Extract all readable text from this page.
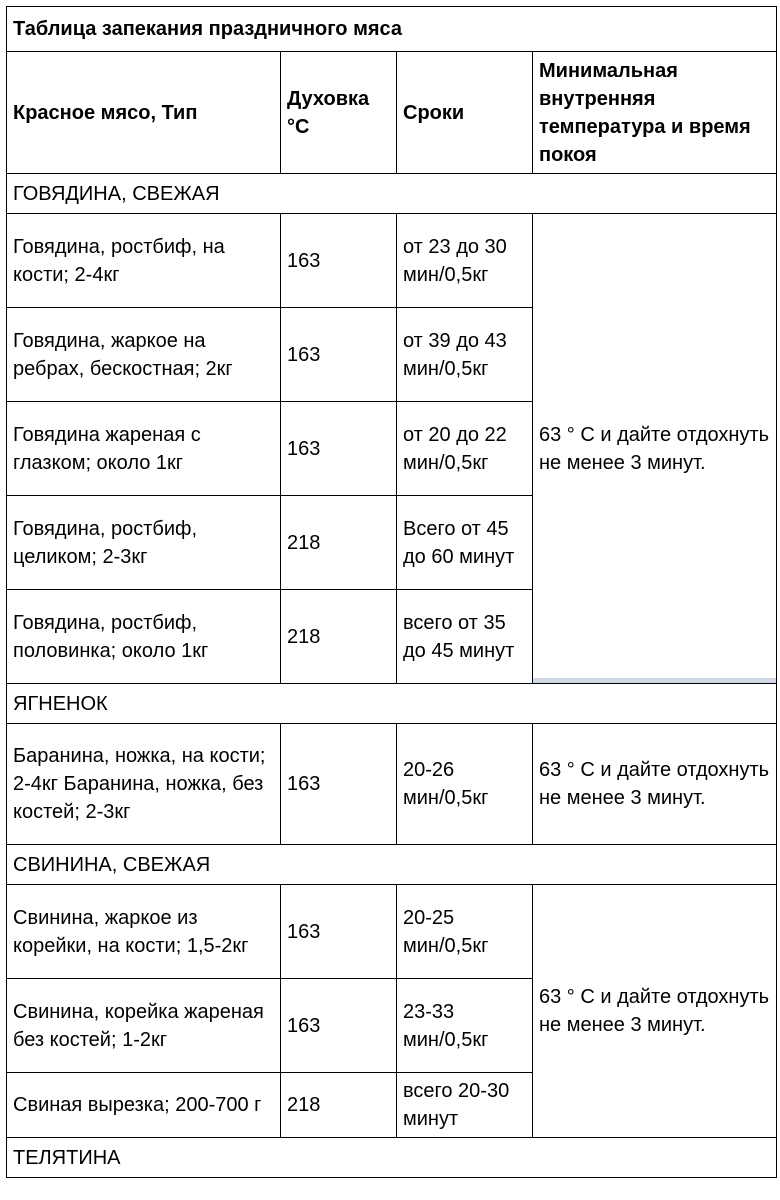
Таблица запекания праздничного мяса			
Красное мясо, Тип	Духовка °C	Сроки	Минимальная внутренняя температура и время покоя
ГОВЯДИНА, СВЕЖАЯ			
Говядина, ростбиф, на кости; 2-4кг	163	от 23 до 30 мин/0,5кг	63 ° C и дайте отдохнуть не менее 3 минут.

Говядина, жаркое на ребрах, бескостная; 2кг	163	от 39 до 43 мин/0,5кг	
Говядина жареная с глазком; около 1кг	163	от 20 до 22 мин/0,5кг	
Говядина, ростбиф, целиком; 2-3кг	218	Всего от 45 до 60 минут	
Говядина, ростбиф, половинка; около 1кг	218	всего от 35 до 45 минут	
ЯГНЕНОК			
Баранина, ножка, на кости; 2-4кг Баранина, ножка, без костей; 2-3кг	163	20-26 мин/0,5кг	63 ° C и дайте отдохнуть не менее 3 минут.
СВИНИНА, СВЕЖАЯ			
Свинина, жаркое из корейки, на кости; 1,5-2кг	163	20-25 мин/0,5кг	63 ° C и дайте отдохнуть не менее 3 минут.
Свинина, корейка жареная без костей; 1-2кг	163	23-33 мин/0,5кг	
Свиная вырезка; 200-700 г	218	всего 20-30 минут	
ТЕЛЯТИНА			
